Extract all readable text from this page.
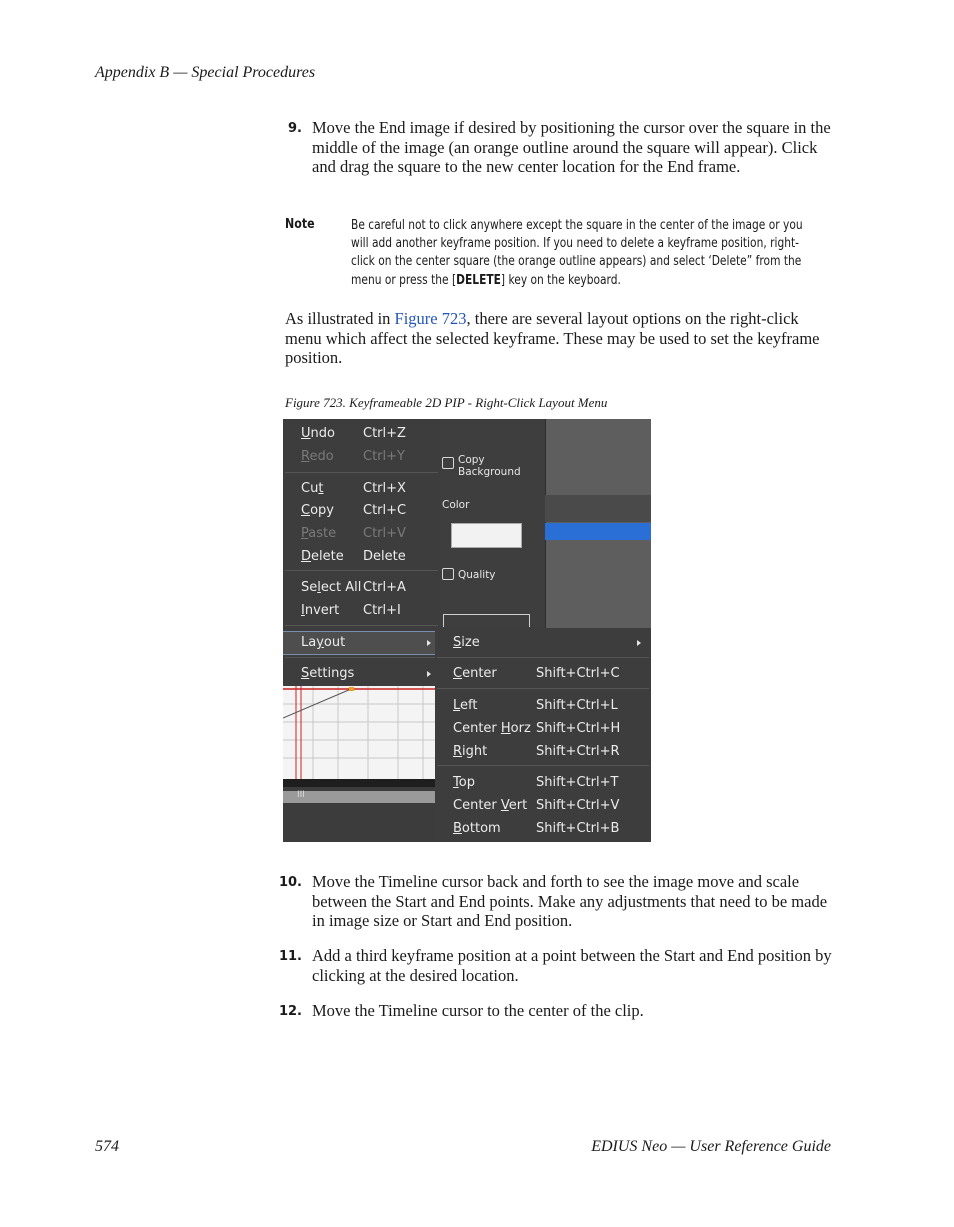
Appendix B — Special Procedures
9. Move the End image if desired by positioning the cursor over the square in the middle of the image (an orange outline around the square will appear). Click and drag the square to the new center location for the End frame.
Note	Be careful not to click anywhere except the square in the center of the image or you will add another keyframe position. If you need to delete a keyframe position, right-click on the center square (the orange outline appears) and select ‘Delete” from the menu or press the [DELETE] key on the keyboard.
As illustrated in Figure 723, there are several layout options on the right-click menu which affect the selected keyframe. These may be used to set the keyframe position.
Figure 723. Keyframeable 2D PIP - Right-Click Layout Menu
Copy
Background
Color
Quality
III
Undo Ctrl+Z
Redo Ctrl+Y
Cut	Ctrl+X
Copy Ctrl+C
Paste Ctrl+V
Delete Delete
Select All Ctrl+A
Invert Ctrl+I
Layout
Settings
Size
Center	Shift+Ctrl+C
Left	Shift+Ctrl+L
Center Horz Shift+Ctrl+H
Right	Shift+Ctrl+R
Top	Shift+Ctrl+T
Center Vert Shift+Ctrl+V
Bottom	Shift+Ctrl+B
10. Move the Timeline cursor back and forth to see the image move and scale between the Start and End points. Make any adjustments that need to be made in image size or Start and End position.
11. Add a third keyframe position at a point between the Start and End position by clicking at the desired location.
12. Move the Timeline cursor to the center of the clip.
574	EDIUS Neo — User Reference Guide
